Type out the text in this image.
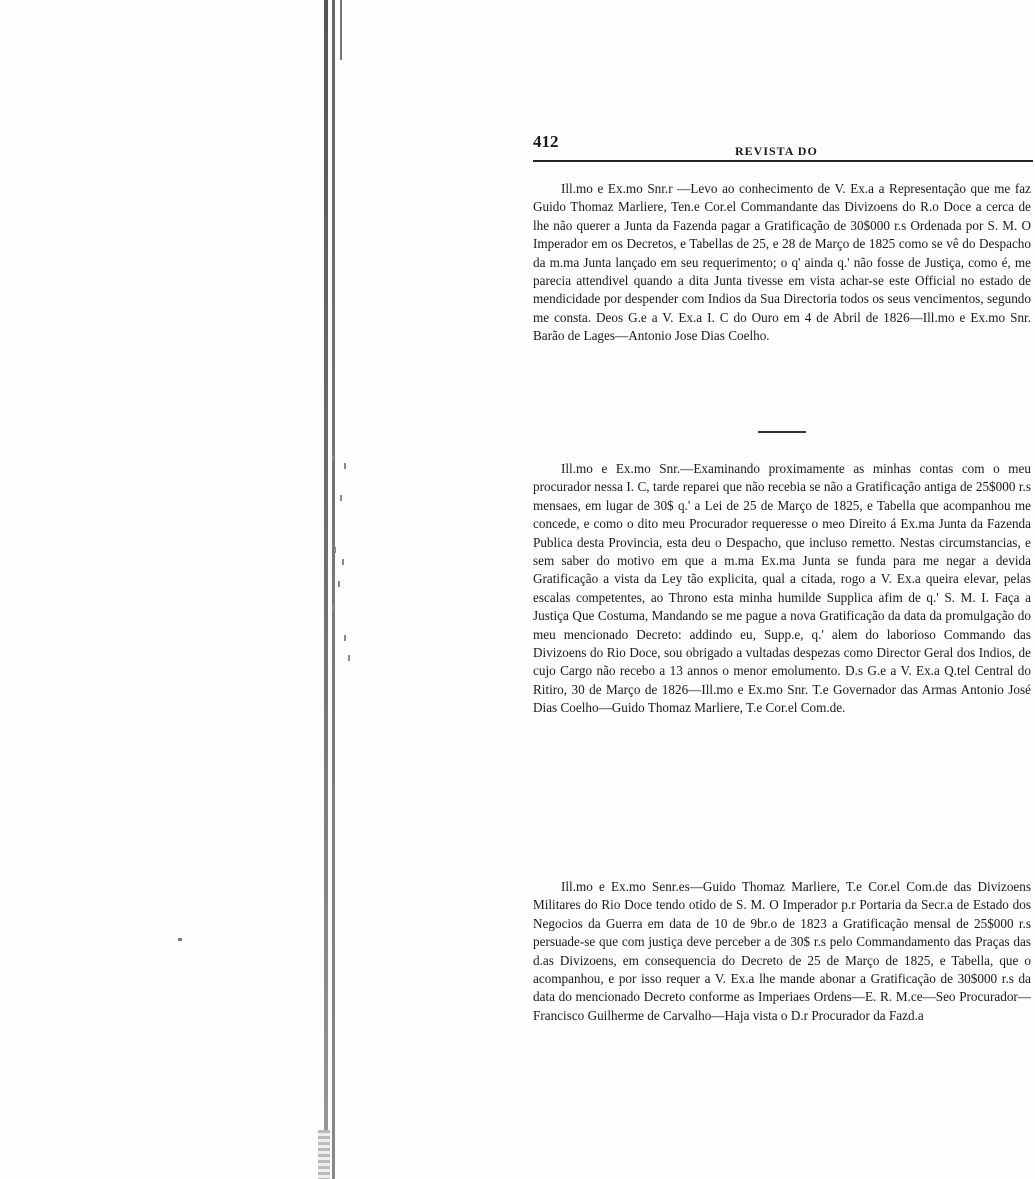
412	REVISTA DO

Ill.mo e Ex.mo Snr.r —Levo ao conhecimento de V. Ex.a a Representação que me faz Guido Thomaz Marliere, Ten.e Cor.el Commandante das Divizoens do R.o Doce a cerca de lhe não querer a Junta da Fazenda pagar a Gratificação de 30$000 r.s Ordenada por S. M. O Imperador em os Decretos, e Tabellas de 25, e 28 de Março de 1825 como se vê do Despacho da m.ma Junta lançado em seu requerimento; o q' ainda q.' não fosse de Justiça, como é, me parecia attendivel quando a dita Junta tivesse em vista achar-se este Official no estado de mendicidade por despender com Indios da Sua Directoria todos os seus vencimentos, segundo me consta. Deos G.e a V. Ex.a I. C do Ouro em 4 de Abril de 1826—Ill.mo e Ex.mo Snr. Barão de Lages—Antonio Jose Dias Coelho.

Ill.mo e Ex.mo Snr.—Examinando proximamente as minhas contas com o meu procurador nessa I. C, tarde reparei que não recebia se não a Gratificação antiga de 25$000 r.s mensaes, em lugar de 30$ q.' a Lei de 25 de Março de 1825, e Tabella que acompanhou me concede, e como o dito meu Procurador requeresse o meo Direito á Ex.ma Junta da Fazenda Publica desta Provincia, esta deu o Despacho, que incluso remetto. Nestas circumstancias, e sem saber do motivo em que a m.ma Ex.ma Junta se funda para me negar a devida Gratificação a vista da Ley tão explicita, qual a citada, rogo a V. Ex.a queira elevar, pelas escalas competentes, ao Throno esta minha humilde Supplica afim de q.' S. M. I. Faça a Justiça Que Costuma, Mandando se me pague a nova Gratificação da data da promulgação do meu mencionado Decreto: addindo eu, Supp.e, q.' alem do laborioso Commando das Divizoens do Rio Doce, sou obrigado a vultadas despezas como Director Geral dos Indios, de cujo Cargo não recebo a 13 annos o menor emolumento. D.s G.e a V. Ex.a Q.tel Central do Ritiro, 30 de Março de 1826—Ill.mo e Ex.mo Snr. T.e Governador das Armas Antonio José Dias Coelho—Guido Thomaz Marliere, T.e Cor.el Com.de.

Ill.mo e Ex.mo Senr.es—Guido Thomaz Marliere, T.e Cor.el Com.de das Divizoens Militares do Rio Doce tendo otido de S. M. O Imperador p.r Portaria da Secr.a de Estado dos Negocios da Guerra em data de 10 de 9br.o de 1823 a Gratificação mensal de 25$000 r.s persuade-se que com justiça deve perceber a de 30$ r.s pelo Commandamento das Praças das d.as Divizoens, em consequencia do Decreto de 25 de Março de 1825, e Tabella, que o acompanhou, e por isso requer a V. Ex.a lhe mande abonar a Gratificação de 30$000 r.s da data do mencionado Decreto conforme as Imperiaes Ordens—E. R. M.ce—Seo Procurador—Francisco Guilherme de Carvalho—Haja vista o D.r Procurador da Fazd.a
